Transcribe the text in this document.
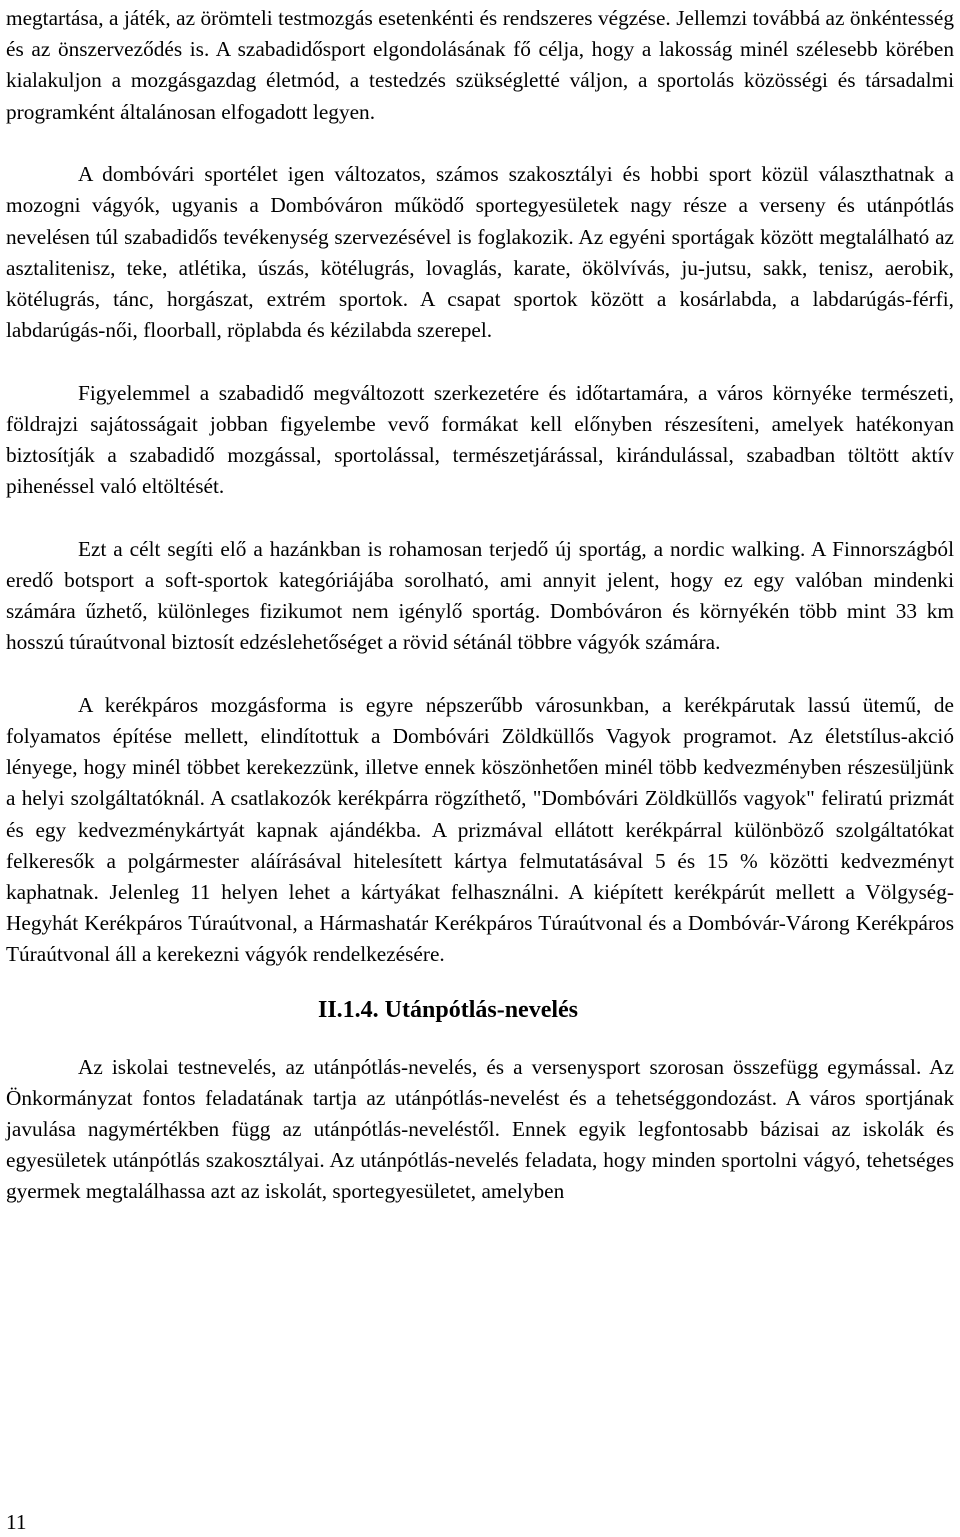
megtartása, a játék, az örömteli testmozgás esetenkénti és rendszeres végzése. Jellemzi továbbá az önkéntesség és az önszerveződés is. A szabadidősport elgondolásának fő célja, hogy a lakosság minél szélesebb körében kialakuljon a mozgásgazdag életmód, a testedzés szükségletté váljon, a sportolás közösségi és társadalmi programként általánosan elfogadott legyen.

A dombóvári sportélet igen változatos, számos szakosztályi és hobbi sport közül választhatnak a mozogni vágyók, ugyanis a Dombóváron működő sportegyesületek nagy része a verseny és utánpótlás nevelésen túl szabadidős tevékenység szervezésével is foglakozik. Az egyéni sportágak között megtalálható az asztalitenisz, teke, atlétika, úszás, kötélugrás, lovaglás, karate, ökölvívás, ju-jutsu, sakk, tenisz, aerobik, kötélugrás, tánc, horgászat, extrém sportok. A csapat sportok között a kosárlabda, a labdarúgás-férfi, labdarúgás-női, floorball, röplabda és kézilabda szerepel.

Figyelemmel a szabadidő megváltozott szerkezetére és időtartamára, a város környéke természeti, földrajzi sajátosságait jobban figyelembe vevő formákat kell előnyben részesíteni, amelyek hatékonyan biztosítják a szabadidő mozgással, sportolással, természetjárással, kirándulással, szabadban töltött aktív pihenéssel való eltöltését.

Ezt a célt segíti elő a hazánkban is rohamosan terjedő új sportág, a nordic walking. A Finnországból eredő botsport a soft-sportok kategóriájába sorolható, ami annyit jelent, hogy ez egy valóban mindenki számára űzhető, különleges fizikumot nem igénylő sportág. Dombóváron és környékén több mint 33 km hosszú túraútvonal biztosít edzéslehetőséget a rövid sétánál többre vágyók számára.

A kerékpáros mozgásforma is egyre népszerűbb városunkban, a kerékpárutak lassú ütemű, de folyamatos építése mellett, elindítottuk a Dombóvári Zöldküllős Vagyok programot. Az életstílus-akció lényege, hogy minél többet kerekezzünk, illetve ennek köszönhetően minél több kedvezményben részesüljünk a helyi szolgáltatóknál. A csatlakozók kerékpárra rögzíthető, "Dombóvári Zöldküllős vagyok" feliratú prizmát és egy kedvezménykártyát kapnak ajándékba. A prizmával ellátott kerékpárral különböző szolgáltatókat felkeresők a polgármester aláírásával hitelesített kártya felmutatásával 5 és 15 % közötti kedvezményt kaphatnak. Jelenleg 11 helyen lehet a kártyákat felhasználni. A kiépített kerékpárút mellett a Völgység-Hegyhát Kerékpáros Túraútvonal, a Hármashatár Kerékpáros Túraútvonal és a Dombóvár-Várong Kerékpáros Túraútvonal áll a kerekezni vágyók rendelkezésére.

II.1.4. Utánpótlás-nevelés

Az iskolai testnevelés, az utánpótlás-nevelés, és a versenysport szorosan összefügg egymással. Az Önkormányzat fontos feladatának tartja az utánpótlás-nevelést és a tehetséggondozást. A város sportjának javulása nagymértékben függ az utánpótlás-neveléstől. Ennek egyik legfontosabb bázisai az iskolák és egyesületek utánpótlás szakosztályai. Az utánpótlás-nevelés feladata, hogy minden sportolni vágyó, tehetséges gyermek megtalálhassa azt az iskolát, sportegyesületet, amelyben

11
